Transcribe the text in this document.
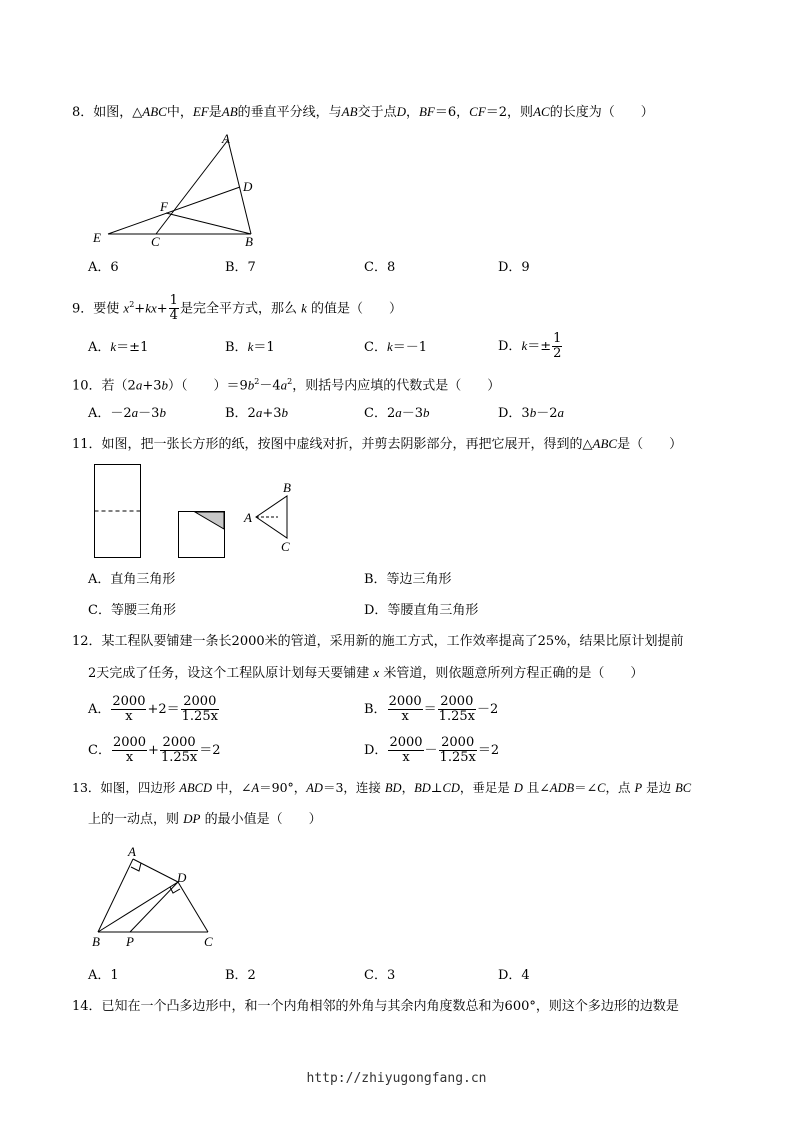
8．如图，△ABC中，EF是AB的垂直平分线，与AB交于点D，BF＝6，CF＝2，则AC的长度为（　　）
A
D
F
E	C	B
A．6	B．7	C．8	D．9
9．要使 $x^2+kx+ \frac{1}{4}$ 是完全平方式，那么 k 的值是（　　）
A．k＝±1	B．k＝1	C．k＝－1	D．$k=\pm \frac{1}{2}$
10．若（2a+3b）（　　）$=9b^2-4a^2$，则括号内应填的代数式是（　　）
A．－2a－3b	B．2a+3b	C．2a－3b	D．3b－2a
11．如图，把一张长方形的纸，按图中虚线对折，并剪去阴影部分，再把它展开，得到的△ABC是（　　）
A
B
C
A．直角三角形	B．等边三角形
C．等腰三角形	D．等腰直角三角形
12．某工程队要铺建一条长2000米的管道，采用新的施工方式，工作效率提高了25%，结果比原计划提前
2天完成了任务，设这个工程队原计划每天要铺建 x 米管道，则依题意所列方程正确的是（　　）
A． $\frac{2000}{x} +2= \frac{2000}{1.25x}$	B． $\frac{2000}{x} = \frac{2000}{1.25x} -2$
C． $\frac{2000}{x} + \frac{2000}{1.25x} =2$	D． $\frac{2000}{x} - \frac{2000}{1.25x} =2$
13．如图，四边形 ABCD 中，∠A＝90°，AD＝3，连接 BD，BD⊥CD，垂足是 D 且∠ADB＝∠C，点 P 是边 BC
上的一动点，则 DP 的最小值是（　　）
A
D
B P	C
A．1	B．2	C．3	D．4
14．已知在一个凸多边形中，和一个内角相邻的外角与其余内角度数总和为600°，则这个多边形的边数是
http://zhiyugongfang.cn
